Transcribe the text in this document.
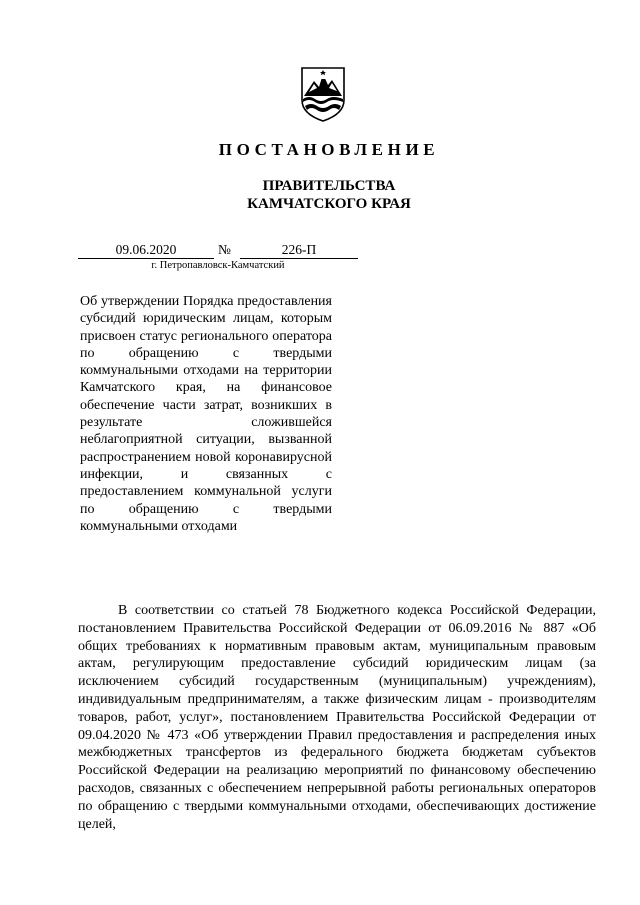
ПОСТАНОВЛЕНИЕ
ПРАВИТЕЛЬСТВА
КАМЧАТСКОГО КРАЯ
09.06.2020	№	226-П
г. Петропавловск-Камчатский
Об утверждении Порядка предоставления субсидий юридическим лицам, которым присвоен статус регионального оператора по обращению с твердыми коммунальными отходами на территории Камчатского края, на финансовое обеспечение части затрат, возникших в результате сложившейся неблагоприятной ситуации, вызванной распространением новой коронавирусной инфекции, и связанных с предоставлением коммунальной услуги по обращению с твердыми коммунальными отходами

В соответствии со статьей 78 Бюджетного кодекса Российской Федерации, постановлением Правительства Российской Федерации от 06.09.2016 № 887 «Об общих требованиях к нормативным правовым актам, муниципальным правовым актам, регулирующим предоставление субсидий юридическим лицам (за исключением субсидий государственным (муниципальным) учреждениям), индивидуальным предпринимателям, а также физическим лицам - производителям товаров, работ, услуг», постановлением Правительства Российской Федерации от 09.04.2020 № 473 «Об утверждении Правил предоставления и распределения иных межбюджетных трансфертов из федерального бюджета бюджетам субъектов Российской Федерации на реализацию мероприятий по финансовому обеспечению расходов, связанных с обеспечением непрерывной работы региональных операторов по обращению с твердыми коммунальными отходами, обеспечивающих достижение целей,
